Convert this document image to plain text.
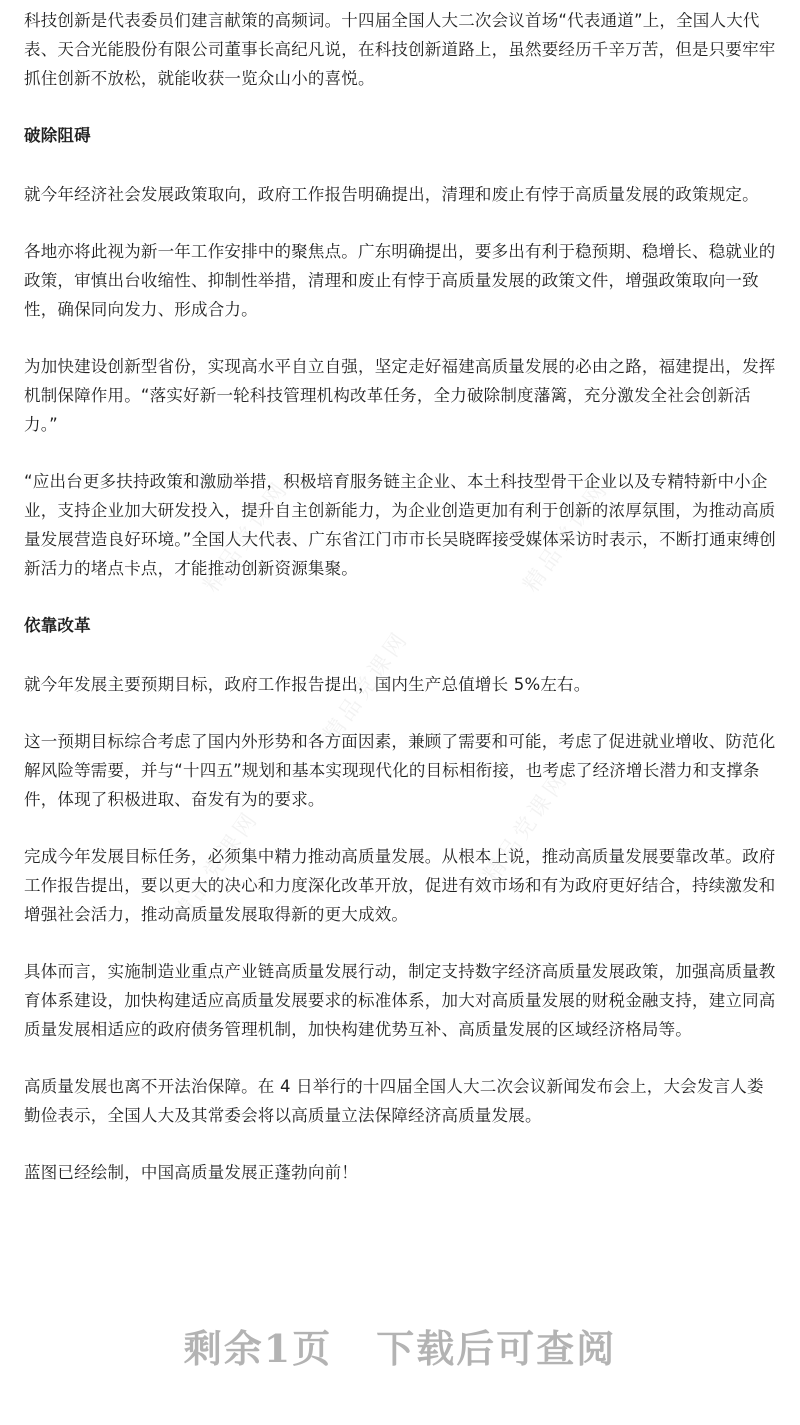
精品党课网	精品党课网
精品党课网
精品党课网	精品党课网

科技创新是代表委员们建言献策的高频词。十四届全国人大二次会议首场“代表通道”上，全国人大代表、天合光能股份有限公司董事长高纪凡说，在科技创新道路上，虽然要经历千辛万苦，但是只要牢牢抓住创新不放松，就能收获一览众山小的喜悦。

破除阻碍

就今年经济社会发展政策取向，政府工作报告明确提出，清理和废止有悖于高质量发展的政策规定。

各地亦将此视为新一年工作安排中的聚焦点。广东明确提出，要多出有利于稳预期、稳增长、稳就业的政策，审慎出台收缩性、抑制性举措，清理和废止有悖于高质量发展的政策文件，增强政策取向一致性，确保同向发力、形成合力。

为加快建设创新型省份，实现高水平自立自强，坚定走好福建高质量发展的必由之路，福建提出，发挥机制保障作用。“落实好新一轮科技管理机构改革任务，全力破除制度藩篱，充分激发全社会创新活力。”

“应出台更多扶持政策和激励举措，积极培育服务链主企业、本土科技型骨干企业以及专精特新中小企业，支持企业加大研发投入，提升自主创新能力，为企业创造更加有利于创新的浓厚氛围，为推动高质量发展营造良好环境。”全国人大代表、广东省江门市市长吴晓晖接受媒体采访时表示，不断打通束缚创新活力的堵点卡点，才能推动创新资源集聚。

依靠改革

就今年发展主要预期目标，政府工作报告提出，国内生产总值增长 5%左右。

这一预期目标综合考虑了国内外形势和各方面因素，兼顾了需要和可能，考虑了促进就业增收、防范化解风险等需要，并与“十四五”规划和基本实现现代化的目标相衔接，也考虑了经济增长潜力和支撑条件，体现了积极进取、奋发有为的要求。

完成今年发展目标任务，必须集中精力推动高质量发展。从根本上说，推动高质量发展要靠改革。政府工作报告提出，要以更大的决心和力度深化改革开放，促进有效市场和有为政府更好结合，持续激发和增强社会活力，推动高质量发展取得新的更大成效。

具体而言，实施制造业重点产业链高质量发展行动，制定支持数字经济高质量发展政策，加强高质量教育体系建设，加快构建适应高质量发展要求的标准体系，加大对高质量发展的财税金融支持，建立同高质量发展相适应的政府债务管理机制，加快构建优势互补、高质量发展的区域经济格局等。

高质量发展也离不开法治保障。在 4 日举行的十四届全国人大二次会议新闻发布会上，大会发言人娄勤俭表示，全国人大及其常委会将以高质量立法保障经济高质量发展。

蓝图已经绘制，中国高质量发展正蓬勃向前！

剩余1页 下载后可查阅
